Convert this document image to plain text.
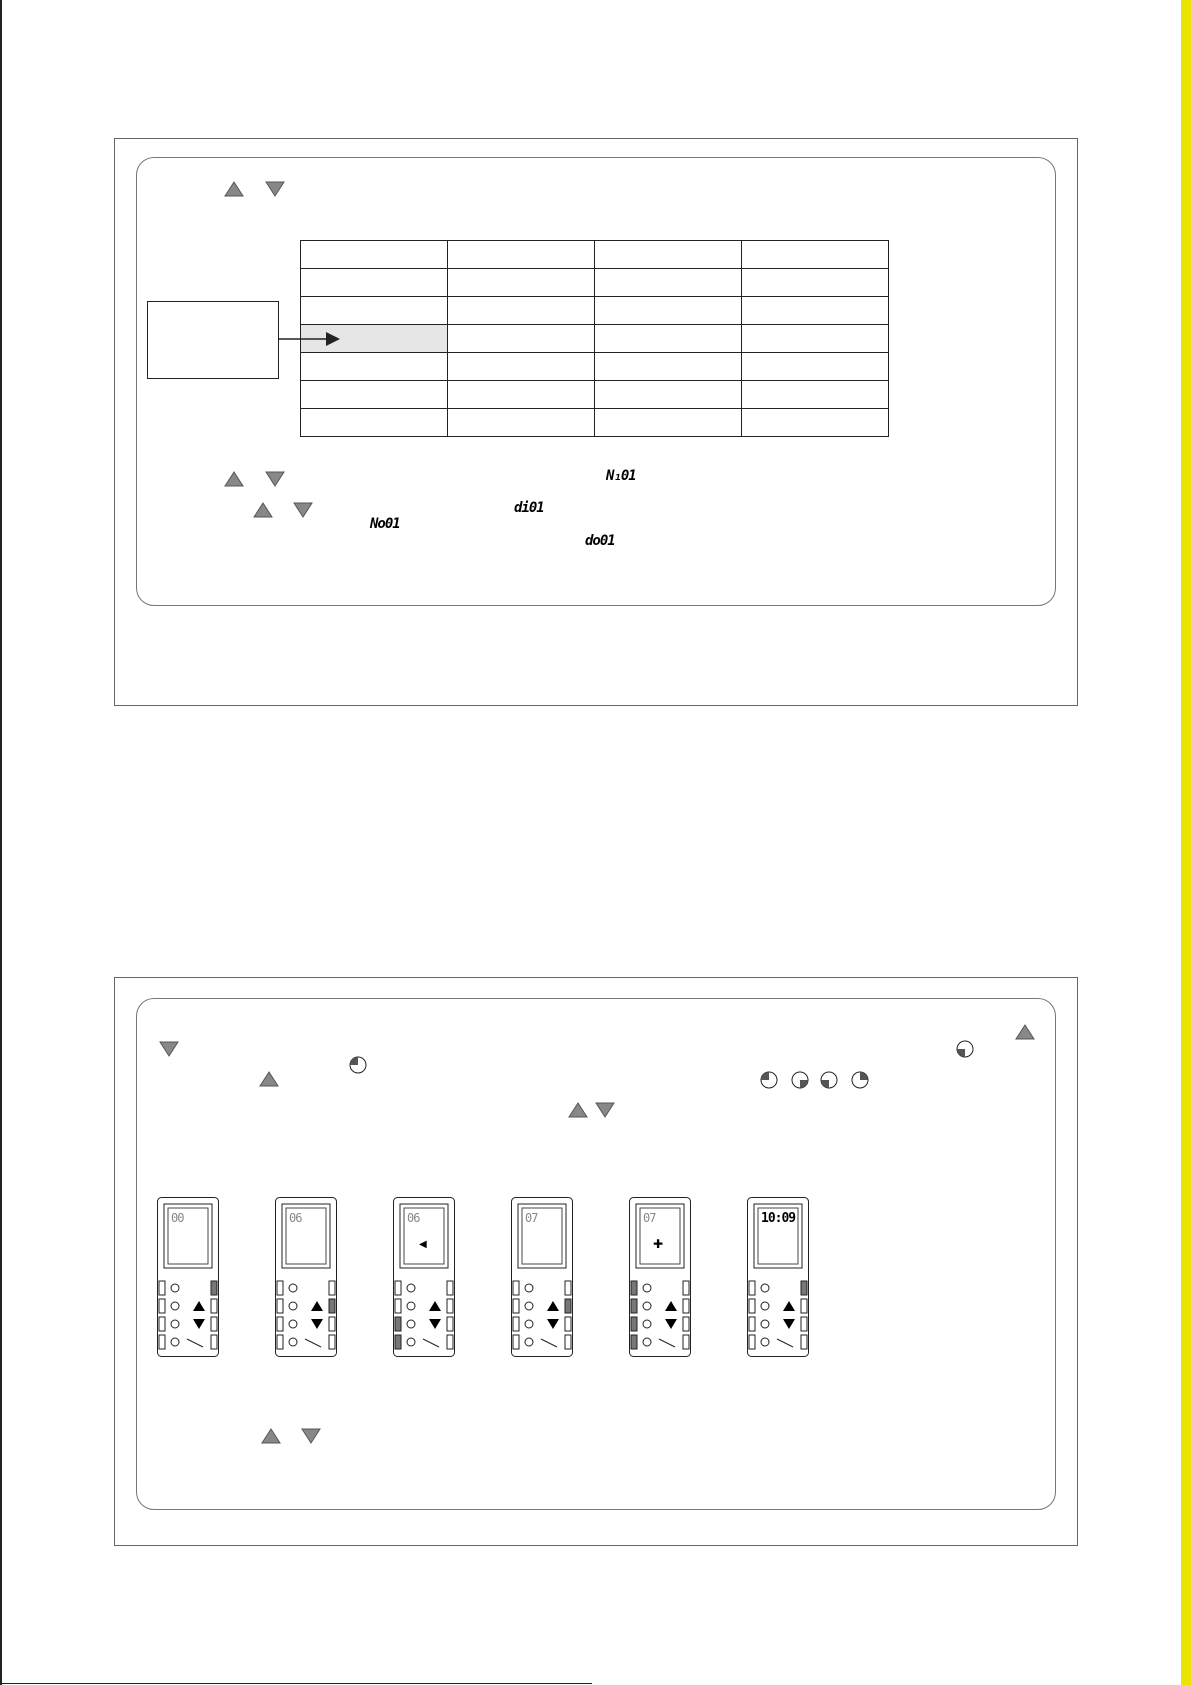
N₁01
di01
No01
do01
00	06	06
◀
07	07
✚
10:09
